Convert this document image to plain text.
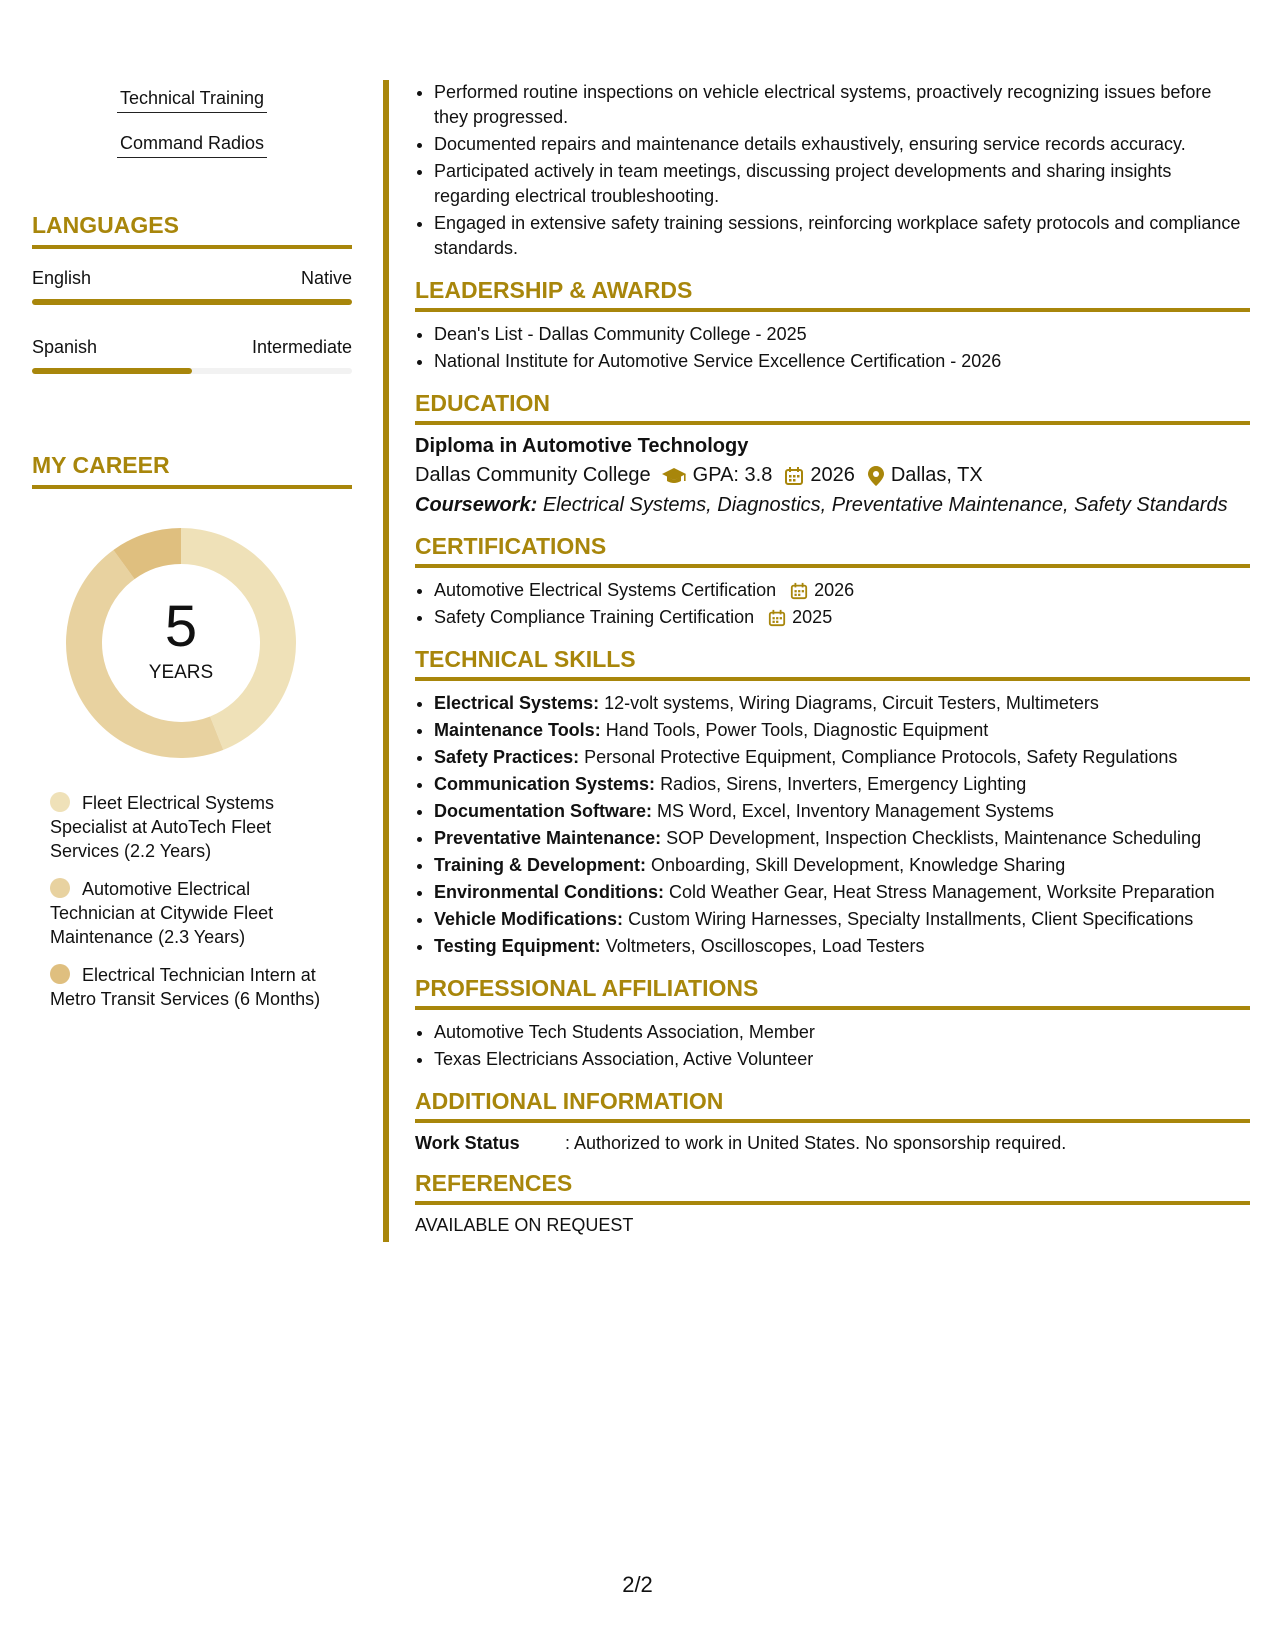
Technical Training
Command Radios
LANGUAGES
English	Native
Spanish	Intermediate
MY CAREER
5
YEARS
Fleet Electrical Systems Specialist at AutoTech Fleet Services (2.2 Years)
Automotive Electrical Technician at Citywide Fleet Maintenance (2.3 Years)
Electrical Technician Intern at Metro Transit Services (6 Months)
• Performed routine inspections on vehicle electrical systems, proactively recognizing issues before they progressed.
• Documented repairs and maintenance details exhaustively, ensuring service records accuracy.
• Participated actively in team meetings, discussing project developments and sharing insights regarding electrical troubleshooting.
• Engaged in extensive safety training sessions, reinforcing workplace safety protocols and compliance standards.
LEADERSHIP & AWARDS
• Dean's List - Dallas Community College - 2025
• National Institute for Automotive Service Excellence Certification - 2026
EDUCATION
Diploma in Automotive Technology
Dallas Community College GPA: 3.8 2026 Dallas, TX
Coursework: Electrical Systems, Diagnostics, Preventative Maintenance, Safety Standards
CERTIFICATIONS
• Automotive Electrical Systems Certification 2026
• Safety Compliance Training Certification 2025
TECHNICAL SKILLS
• Electrical Systems: 12-volt systems, Wiring Diagrams, Circuit Testers, Multimeters
• Maintenance Tools: Hand Tools, Power Tools, Diagnostic Equipment
• Safety Practices: Personal Protective Equipment, Compliance Protocols, Safety Regulations
• Communication Systems: Radios, Sirens, Inverters, Emergency Lighting
• Documentation Software: MS Word, Excel, Inventory Management Systems
• Preventative Maintenance: SOP Development, Inspection Checklists, Maintenance Scheduling
• Training & Development: Onboarding, Skill Development, Knowledge Sharing
• Environmental Conditions: Cold Weather Gear, Heat Stress Management, Worksite Preparation
• Vehicle Modifications: Custom Wiring Harnesses, Specialty Installments, Client Specifications
• Testing Equipment: Voltmeters, Oscilloscopes, Load Testers
PROFESSIONAL AFFILIATIONS
• Automotive Tech Students Association, Member
• Texas Electricians Association, Active Volunteer
ADDITIONAL INFORMATION
Work Status	: Authorized to work in United States. No sponsorship required.
REFERENCES
AVAILABLE ON REQUEST
2/2
